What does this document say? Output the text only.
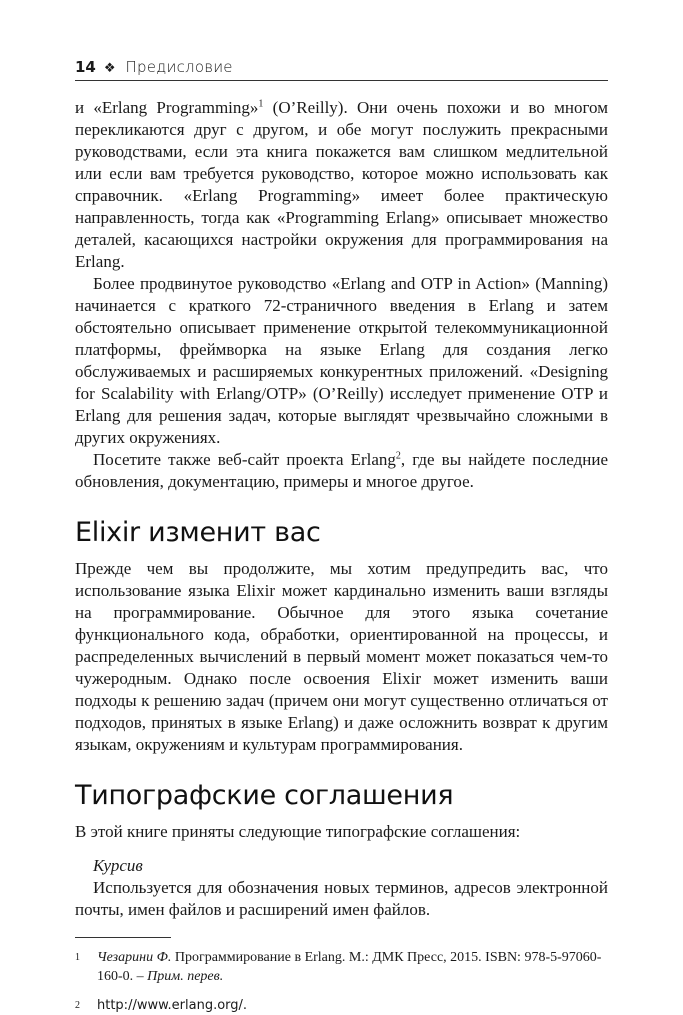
14 ❖ Предисловие

и «Erlang Programming»$^1$ (O’Reilly). Они очень похожи и во многом перекликаются друг с другом, и обе могут послужить прекрасными руководствами, если эта книга покажется вам слишком медлительной или если вам требуется руководство, которое можно использовать как справочник. «Erlang Programming» имеет более практическую направленность, тогда как «Programming Erlang» описывает множество деталей, касающихся настройки окружения для программирования на Erlang.

Более продвинутое руководство «Erlang and OTP in Action» (Manning) начинается с краткого 72-страничного введения в Erlang и затем обстоятельно описывает применение открытой телекоммуникационной платформы, фреймворка на языке Erlang для создания легко обслуживаемых и расширяемых конкурентных приложений. «Designing for Scalability with Erlang/OTP» (O’Reilly) исследует применение OTP и Erlang для решения задач, которые выглядят чрезвычайно сложными в других окружениях.

Посетите также веб-сайт проекта Erlang$^2$, где вы найдете последние обновления, документацию, примеры и многое другое.

Elixir изменит вас

Прежде чем вы продолжите, мы хотим предупредить вас, что использование языка Elixir может кардинально изменить ваши взгляды на программирование. Обычное для этого языка сочетание функционального кода, обработки, ориентированной на процессы, и распределенных вычислений в первый момент может показаться чем-то чужеродным. Однако после освоения Elixir может изменить ваши подходы к решению задач (причем они могут существенно отличаться от подходов, принятых в языке Erlang) и даже осложнить возврат к другим языкам, окружениям и культурам программирования.

Типографские соглашения

В этой книге приняты следующие типографские соглашения:

Курсив

Используется для обозначения новых терминов, адресов электронной почты, имен файлов и расширений имен файлов.

1	Чезарини Ф. Программирование в Erlang. М.: ДМК Пресс, 2015. ISBN: 978-5-97060-160-0. – Прим. перев.
2	http://www.erlang.org/.
